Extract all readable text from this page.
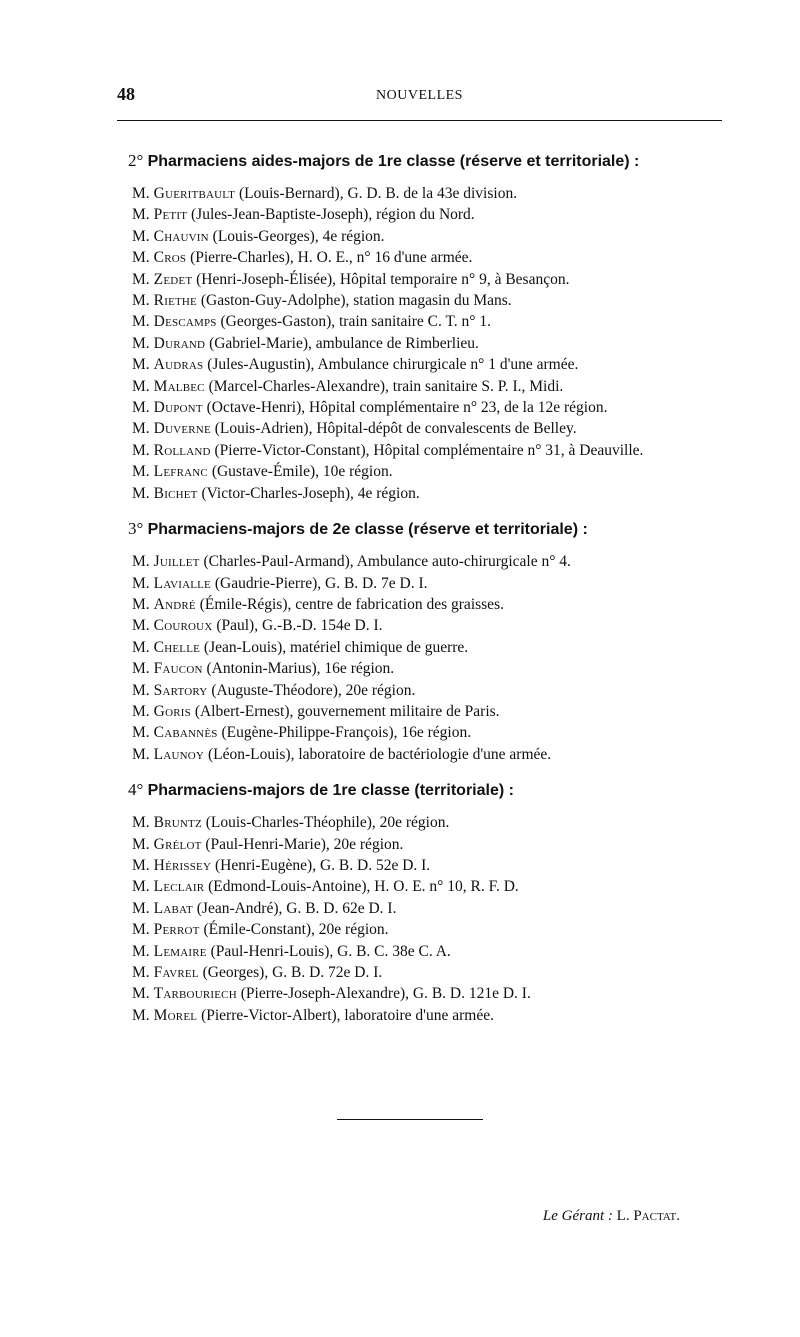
48	NOUVELLES
2° Pharmaciens aides-majors de 1re classe (réserve et territoriale) :
M. Gueritbault (Louis-Bernard), G. D. B. de la 43e division.
M. Petit (Jules-Jean-Baptiste-Joseph), région du Nord.
M. Chauvin (Louis-Georges), 4e région.
M. Cros (Pierre-Charles), H. O. E., n° 16 d'une armée.
M. Zedet (Henri-Joseph-Élisée), Hôpital temporaire n° 9, à Besançon.
M. Riethe (Gaston-Guy-Adolphe), station magasin du Mans.
M. Descamps (Georges-Gaston), train sanitaire C. T. n° 1.
M. Durand (Gabriel-Marie), ambulance de Rimberlieu.
M. Audras (Jules-Augustin), Ambulance chirurgicale n° 1 d'une armée.
M. Malbec (Marcel-Charles-Alexandre), train sanitaire S. P. I., Midi.
M. Dupont (Octave-Henri), Hôpital complémentaire n° 23, de la 12e région.
M. Duverne (Louis-Adrien), Hôpital-dépôt de convalescents de Belley.
M. Rolland (Pierre-Victor-Constant), Hôpital complémentaire n° 31, à Deauville.
M. Lefranc (Gustave-Émile), 10e région.
M. Bichet (Victor-Charles-Joseph), 4e région.
3° Pharmaciens-majors de 2e classe (réserve et territoriale) :
M. Juillet (Charles-Paul-Armand), Ambulance auto-chirurgicale n° 4.
M. Lavialle (Gaudrie-Pierre), G. B. D. 7e D. I.
M. André (Émile-Régis), centre de fabrication des graisses.
M. Couroux (Paul), G.-B.-D. 154e D. I.
M. Chelle (Jean-Louis), matériel chimique de guerre.
M. Faucon (Antonin-Marius), 16e région.
M. Sartory (Auguste-Théodore), 20e région.
M. Goris (Albert-Ernest), gouvernement militaire de Paris.
M. Cabannès (Eugène-Philippe-François), 16e région.
M. Launoy (Léon-Louis), laboratoire de bactériologie d'une armée.
4° Pharmaciens-majors de 1re classe (territoriale) :
M. Bruntz (Louis-Charles-Théophile), 20e région.
M. Grélot (Paul-Henri-Marie), 20e région.
M. Hérissey (Henri-Eugène), G. B. D. 52e D. I.
M. Leclair (Edmond-Louis-Antoine), H. O. E. n° 10, R. F. D.
M. Labat (Jean-André), G. B. D. 62e D. I.
M. Perrot (Émile-Constant), 20e région.
M. Lemaire (Paul-Henri-Louis), G. B. C. 38e C. A.
M. Favrel (Georges), G. B. D. 72e D. I.
M. Tarbouriech (Pierre-Joseph-Alexandre), G. B. D. 121e D. I.
M. Morel (Pierre-Victor-Albert), laboratoire d'une armée.
Le Gérant : L. Pactat.
